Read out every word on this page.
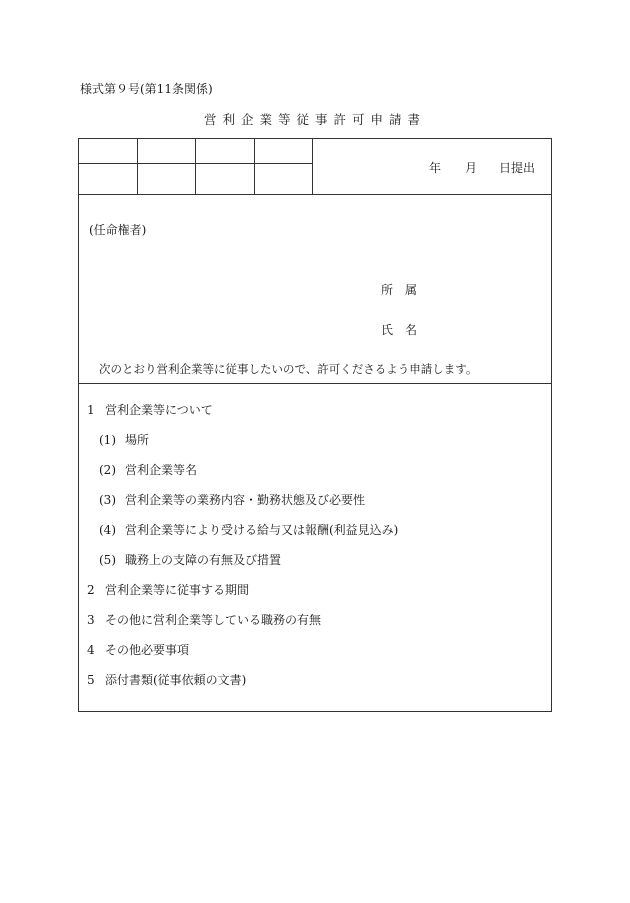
様式第９号(第11条関係)
営利企業等従事許可申請書

年 月 日提出
(任命権者)
所　属
氏　名
次のとおり営利企業等に従事したいので、許可くださるよう申請します。
1 営利企業等について
(1) 場所
(2) 営利企業等名
(3) 営利企業等の業務内容・勤務状態及び必要性
(4) 営利企業等により受ける給与又は報酬(利益見込み)
(5) 職務上の支障の有無及び措置
2 営利企業等に従事する期間
3 その他に営利企業等している職務の有無
4 その他必要事項
5 添付書類(従事依頼の文書)
